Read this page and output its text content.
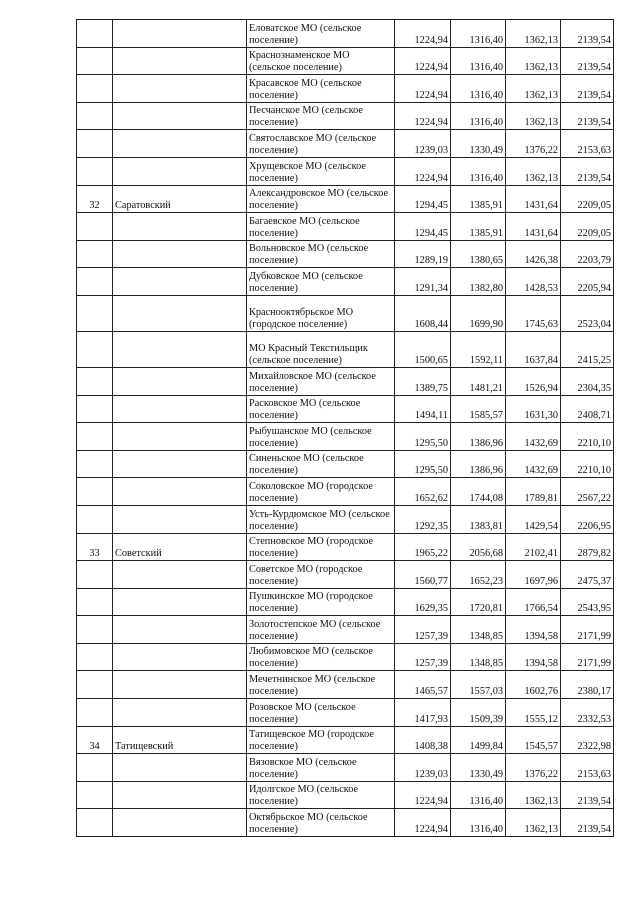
		Еловатское МО (сельское поселение)	1224,94	1316,40	1362,13	2139,54
		Краснознаменское МО (сельское поселение)	1224,94	1316,40	1362,13	2139,54
		Красавское МО (сельское поселение)	1224,94	1316,40	1362,13	2139,54
		Песчанское МО (сельское поселение)	1224,94	1316,40	1362,13	2139,54
		Святославское МО (сельское поселение)	1239,03	1330,49	1376,22	2153,63
		Хрущевское МО (сельское поселение)	1224,94	1316,40	1362,13	2139,54
32	Саратовский	Александровское МО (сельское поселение)	1294,45	1385,91	1431,64	2209,05
		Багаевское МО (сельское поселение)	1294,45	1385,91	1431,64	2209,05
		Вольновское МО (сельское поселение)	1289,19	1380,65	1426,38	2203,79
		Дубковское МО (сельское поселение)	1291,34	1382,80	1428,53	2205,94
		Краснооктябрьское МО (городское поселение)	1608,44	1699,90	1745,63	2523,04
		МО Красный Текстильщик (сельское поселение)	1500,65	1592,11	1637,84	2415,25
		Михайловское МО (сельское поселение)	1389,75	1481,21	1526,94	2304,35
		Расковское МО (сельское поселение)	1494,11	1585,57	1631,30	2408,71
		Рыбушанское МО (сельское поселение)	1295,50	1386,96	1432,69	2210,10
		Синеньское МО (сельское поселение)	1295,50	1386,96	1432,69	2210,10
		Соколовское МО (городское поселение)	1652,62	1744,08	1789,81	2567,22
		Усть-Курдюмское МО (сельское поселение)	1292,35	1383,81	1429,54	2206,95
33	Советский	Степновское МО (городское поселение)	1965,22	2056,68	2102,41	2879,82
		Советское МО (городское поселение)	1560,77	1652,23	1697,96	2475,37
		Пушкинское МО (городское поселение)	1629,35	1720,81	1766,54	2543,95
		Золотостепское МО (сельское поселение)	1257,39	1348,85	1394,58	2171,99
		Любимовское МО (сельское поселение)	1257,39	1348,85	1394,58	2171,99
		Мечетнинское МО (сельское поселение)	1465,57	1557,03	1602,76	2380,17
		Розовское МО (сельское поселение)	1417,93	1509,39	1555,12	2332,53
34	Татищевский	Татищевское МО (городское поселение)	1408,38	1499,84	1545,57	2322,98
		Вязовское МО (сельское поселение)	1239,03	1330,49	1376,22	2153,63
		Идолгское МО (сельское поселение)	1224,94	1316,40	1362,13	2139,54
		Октябрьское МО (сельское поселение)	1224,94	1316,40	1362,13	2139,54
